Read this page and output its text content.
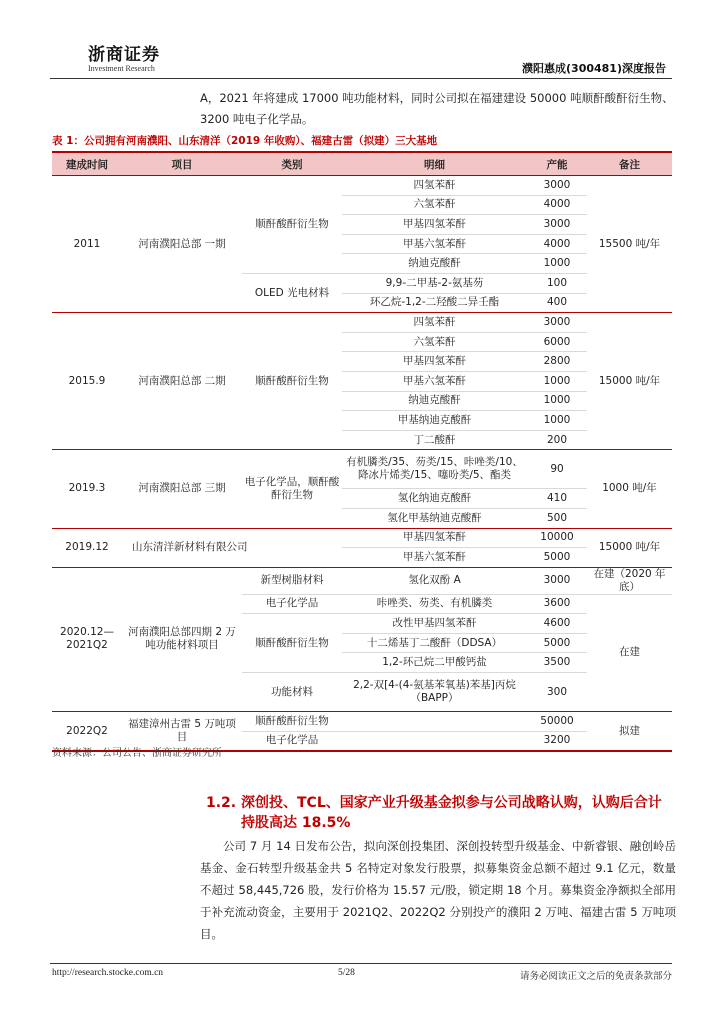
浙商证券
Investment Research	濮阳惠成(300481)深度报告
A，2021 年将建成 17000 吨功能材料，同时公司拟在福建建设 50000 吨顺酐酸酐衍生物、3200 吨电子化学品。
表 1：公司拥有河南濮阳、山东清洋（2019 年收购）、福建古雷（拟建）三大基地
建成时间	项目	类别	明细	产能	备注
2011	河南濮阳总部 一期	顺酐酸酐衍生物	四氢苯酐	3000	15500 吨/年
			六氢苯酐	4000	
			甲基四氢苯酐	3000	
			甲基六氢苯酐	4000	
			纳迪克酸酐	1000	
		OLED 光电材料	9,9-二甲基-2-氨基芴	100	
			环乙烷-1,2-二羟酸二异壬酯	400	
2015.9	河南濮阳总部 二期	顺酐酸酐衍生物	四氢苯酐	3000	15000 吨/年
			六氢苯酐	6000	
			甲基四氢苯酐	2800	
			甲基六氢苯酐	1000	
			纳迪克酸酐	1000	
			甲基纳迪克酸酐	1000	
			丁二酸酐	200	
2019.3	河南濮阳总部 三期	电子化学品，顺酐酸酐衍生物	有机膦类/35、芴类/15、咔唑类/10、降冰片烯类/15、噻吩类/5、酯类	90	1000 吨/年
			氢化纳迪克酸酐	410	
			氢化甲基纳迪克酸酐	500	
2019.12	山东清洋新材料有限公司		甲基四氢苯酐	10000	15000 吨/年
			甲基六氢苯酐	5000	
2020.12—2021Q2	河南濮阳总部四期 2 万吨功能材料项目	新型树脂材料	氢化双酚 A	3000	在建（2020 年底）
		电子化学品	咔唑类、芴类、有机膦类	3600	在建
		顺酐酸酐衍生物	改性甲基四氢苯酐	4600	
			十二烯基丁二酸酐（DDSA）	5000	
			1,2-环己烷二甲酸钙盐	3500	
		功能材料	2,2-双[4-(4-氨基苯氧基)苯基]丙烷（BAPP）	300	
2022Q2	福建漳州古雷 5 万吨项目	顺酐酸酐衍生物		50000	拟建
		电子化学品		3200	
资料来源：公司公告、浙商证券研究所
1.2. 深创投、TCL、国家产业升级基金拟参与公司战略认购，认购后合计
持股高达 18.5%
公司 7 月 14 日发布公告，拟向深创投集团、深创投转型升级基金、中新睿银、融创岭岳基金、金石转型升级基金共 5 名特定对象发行股票，拟募集资金总额不超过 9.1 亿元，数量不超过 58,445,726 股，发行价格为 15.57 元/股，锁定期 18 个月。募集资金净额拟全部用于补充流动资金，主要用于 2021Q2、2022Q2 分别投产的濮阳 2 万吨、福建古雷 5 万吨项目。
http://research.stocke.com.cn	5/28	请务必阅读正文之后的免责条款部分
